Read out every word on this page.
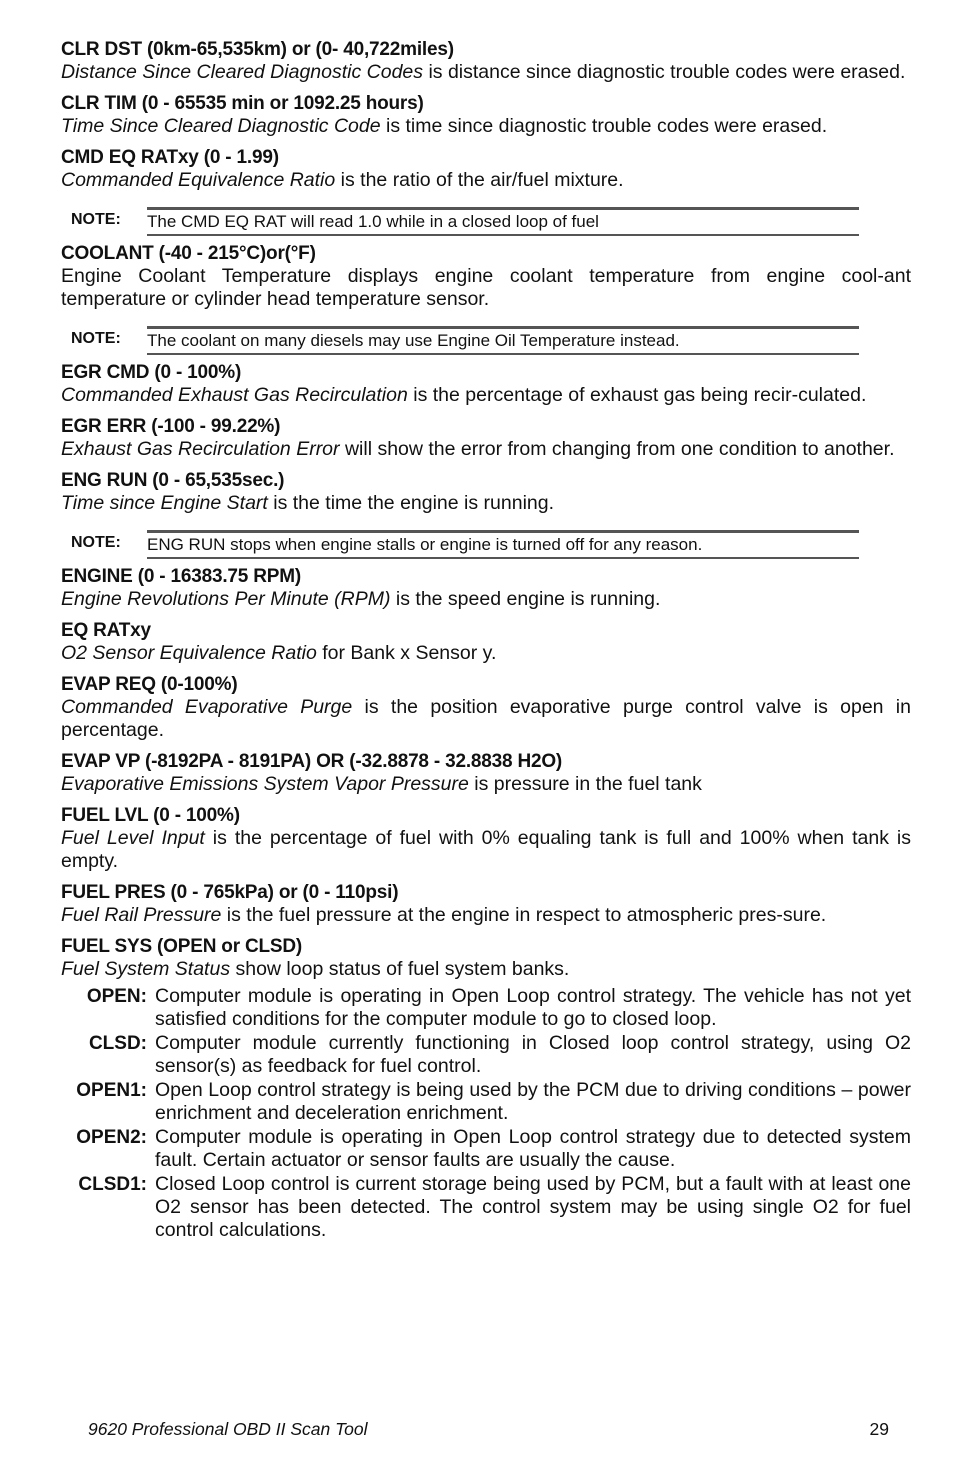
CLR DST (0km-65,535km) or (0- 40,722miles)
Distance Since Cleared Diagnostic Codes is distance since diagnostic trouble codes were erased.
CLR TIM (0 - 65535 min or 1092.25 hours)
Time Since Cleared Diagnostic Code is time since diagnostic trouble codes were erased.
CMD EQ RATxy (0 - 1.99)
Commanded Equivalence Ratio is the ratio of the air/fuel mixture.
NOTE:	The CMD EQ RAT will read 1.0 while in a closed loop of fuel
COOLANT (-40 - 215°C)or(°F)
Engine Coolant Temperature displays engine coolant temperature from engine cool-ant temperature or cylinder head temperature sensor.
NOTE:	The coolant on many diesels may use Engine Oil Temperature instead.
EGR CMD (0 - 100%)
Commanded Exhaust Gas Recirculation is the percentage of exhaust gas being recir-culated.
EGR ERR (-100 - 99.22%)
Exhaust Gas Recirculation Error will show the error from changing from one condition to another.
ENG RUN (0 - 65,535sec.)
Time since Engine Start is the time the engine is running.
NOTE:	ENG RUN stops when engine stalls or engine is turned off for any reason.
ENGINE (0 - 16383.75 RPM)
Engine Revolutions Per Minute (RPM) is the speed engine is running.
EQ RATxy
O2 Sensor Equivalence Ratio for Bank x Sensor y.
EVAP REQ (0-100%)
Commanded Evaporative Purge is the position evaporative purge control valve is open in percentage.
EVAP VP (-8192PA - 8191PA) OR (-32.8878 - 32.8838 H2O)
Evaporative Emissions System Vapor Pressure is pressure in the fuel tank
FUEL LVL (0 - 100%)
Fuel Level Input is the percentage of fuel with 0% equaling tank is full and 100% when tank is empty.
FUEL PRES (0 - 765kPa) or (0 - 110psi)
Fuel Rail Pressure is the fuel pressure at the engine in respect to atmospheric pres-sure.
FUEL SYS (OPEN or CLSD)
Fuel System Status show loop status of fuel system banks.
OPEN: Computer module is operating in Open Loop control strategy. The vehicle has not yet satisfied conditions for the computer module to go to closed loop.
CLSD: Computer module currently functioning in Closed loop control strategy, using O2 sensor(s) as feedback for fuel control.
OPEN1: Open Loop control strategy is being used by the PCM due to driving conditions – power enrichment and deceleration enrichment.
OPEN2: Computer module is operating in Open Loop control strategy due to detected system fault. Certain actuator or sensor faults are usually the cause.
CLSD1: Closed Loop control is current storage being used by PCM, but a fault with at least one O2 sensor has been detected. The control system may be using single O2 for fuel control calculations.
9620 Professional OBD II Scan Tool	29
